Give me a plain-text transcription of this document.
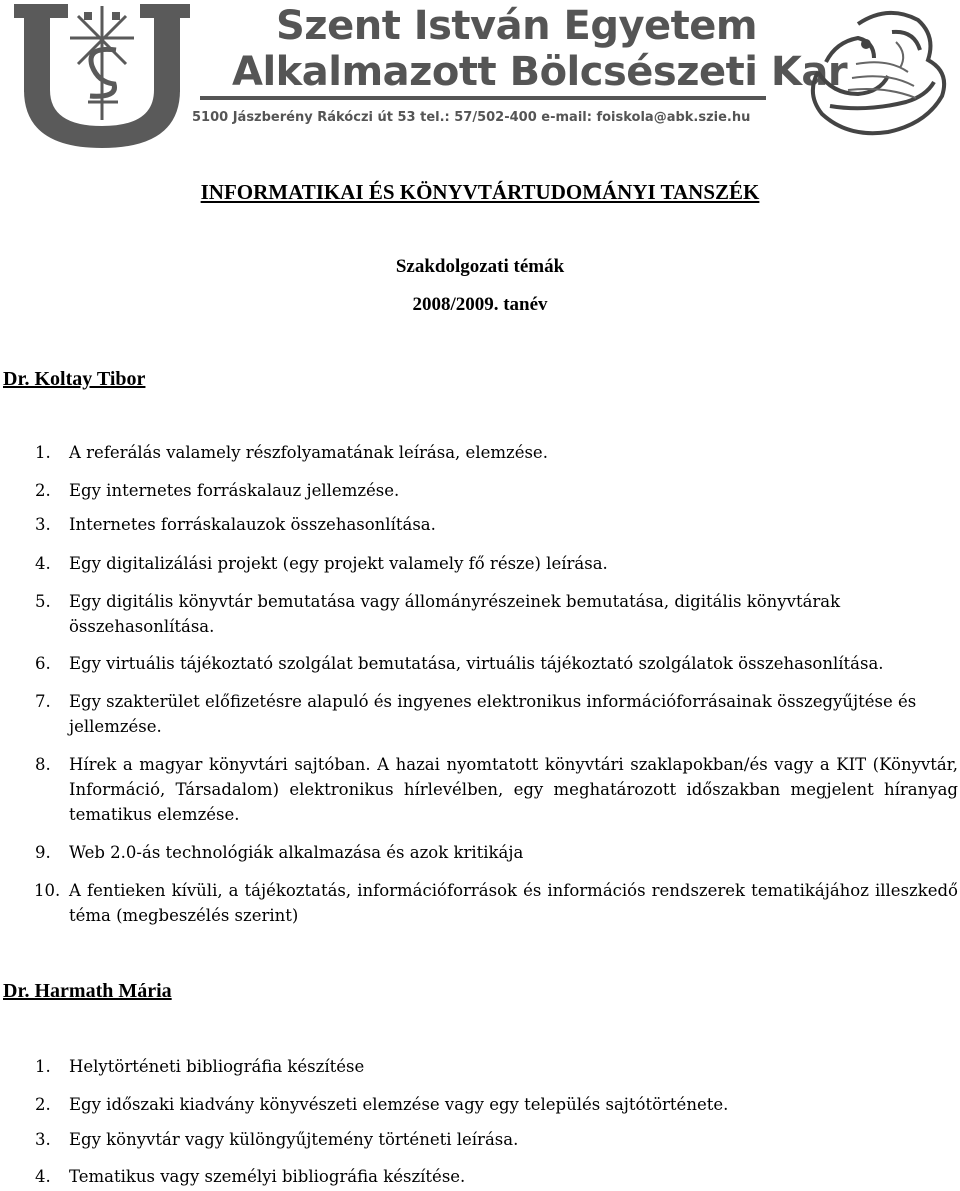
Szent István Egyetem
Alkalmazott Bölcsészeti Kar
5100 Jászberény Rákóczi út 53 tel.: 57/502-400 e-mail: foiskola@abk.szie.hu
INFORMATIKAI ÉS KÖNYVTÁRTUDOMÁNYI TANSZÉK
Szakdolgozati témák
2008/2009. tanév
Dr. Koltay Tibor
1. A referálás valamely részfolyamatának leírása, elemzése.
2. Egy internetes forráskalauz jellemzése.
3. Internetes forráskalauzok összehasonlítása.
4. Egy digitalizálási projekt (egy projekt valamely fő része) leírása.
5. Egy digitális könyvtár bemutatása vagy állományrészeinek bemutatása, digitális könyvtárak összehasonlítása.
6. Egy virtuális tájékoztató szolgálat bemutatása, virtuális tájékoztató szolgálatok összehasonlítása.
7. Egy szakterület előfizetésre alapuló és ingyenes elektronikus információforrásainak összegyűjtése és jellemzése.
8. Hírek a magyar könyvtári sajtóban. A hazai nyomtatott könyvtári szaklapokban/és vagy a KIT (Könyvtár, Információ, Társadalom) elektronikus hírlevélben, egy meghatározott időszakban megjelent híranyag tematikus elemzése.
9. Web 2.0-ás technológiák alkalmazása és azok kritikája
10. A fentieken kívüli, a tájékoztatás, információforrások és információs rendszerek tematikájához illeszkedő téma (megbeszélés szerint)
Dr. Harmath Mária
1. Helytörténeti bibliográfia készítése
2. Egy időszaki kiadvány könyvészeti elemzése vagy egy település sajtótörténete.
3. Egy könyvtár vagy különgyűjtemény történeti leírása.
4. Tematikus vagy személyi bibliográfia készítése.
